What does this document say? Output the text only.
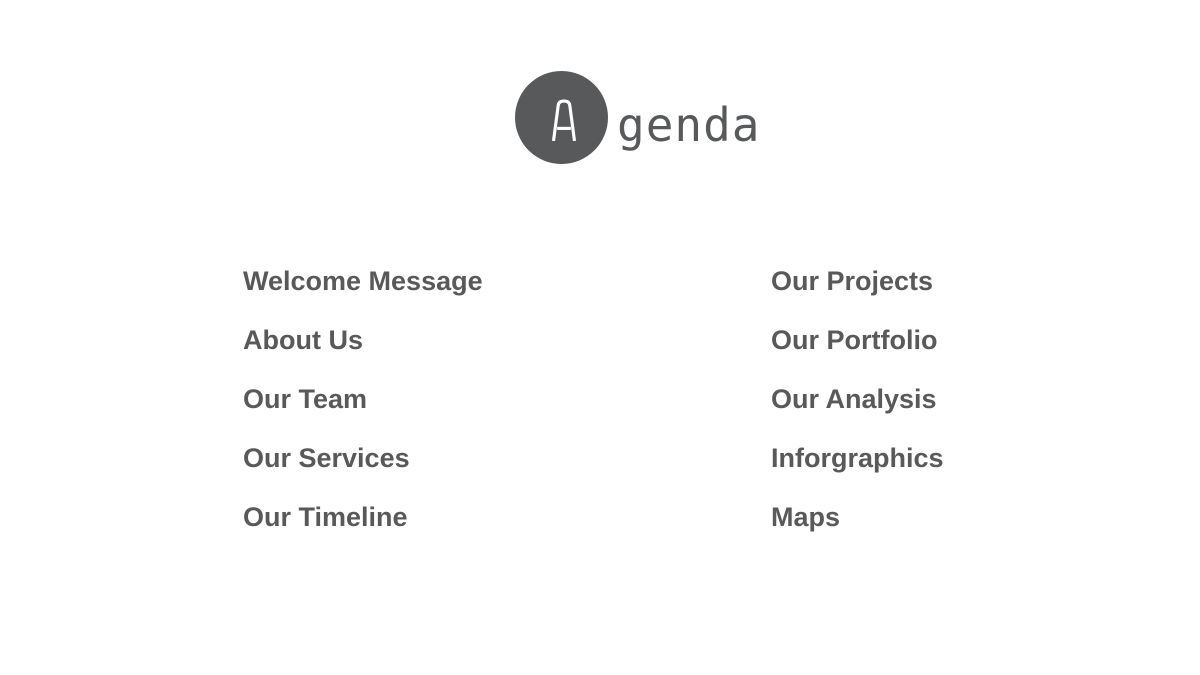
genda
Welcome Message
About Us
Our Team
Our Services
Our Timeline
Our Projects
Our Portfolio
Our Analysis
Inforgraphics
Maps
